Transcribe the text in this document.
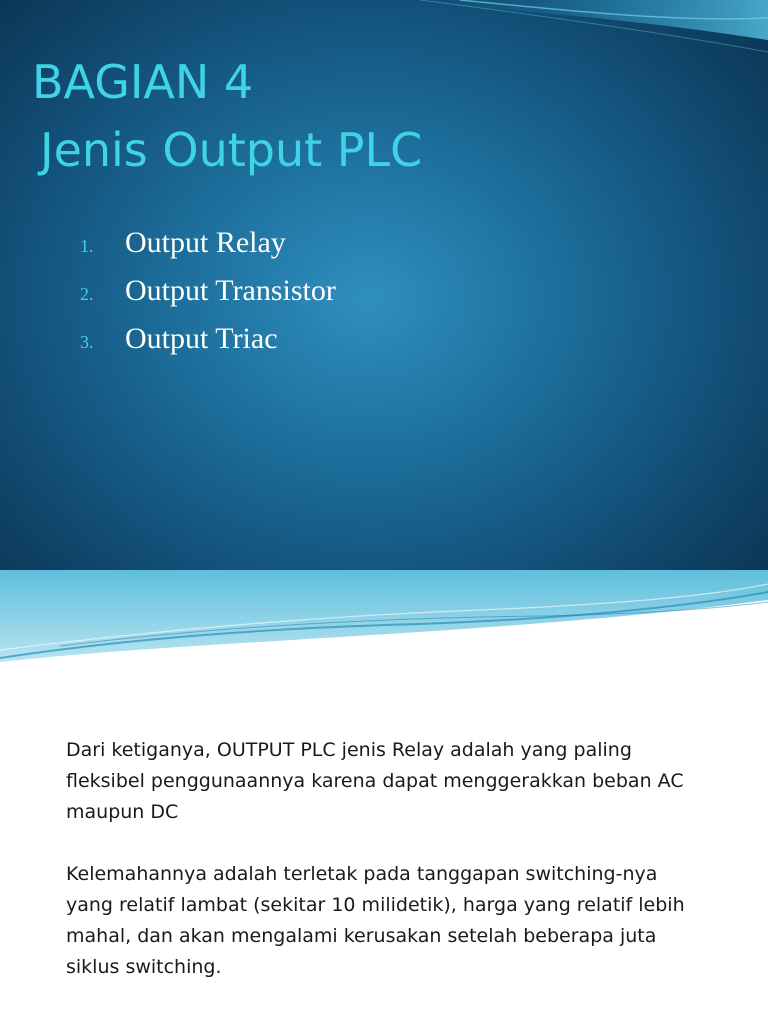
BAGIAN 4
Jenis Output PLC
1.	Output Relay
2.	Output Transistor
3.	Output Triac

Dari ketiganya, OUTPUT PLC jenis Relay adalah yang paling fleksibel penggunaannya karena dapat menggerakkan beban AC maupun DC

Kelemahannya adalah terletak pada tanggapan switching-nya yang relatif lambat (sekitar 10 milidetik), harga yang relatif lebih mahal, dan akan mengalami kerusakan setelah beberapa juta siklus switching.
